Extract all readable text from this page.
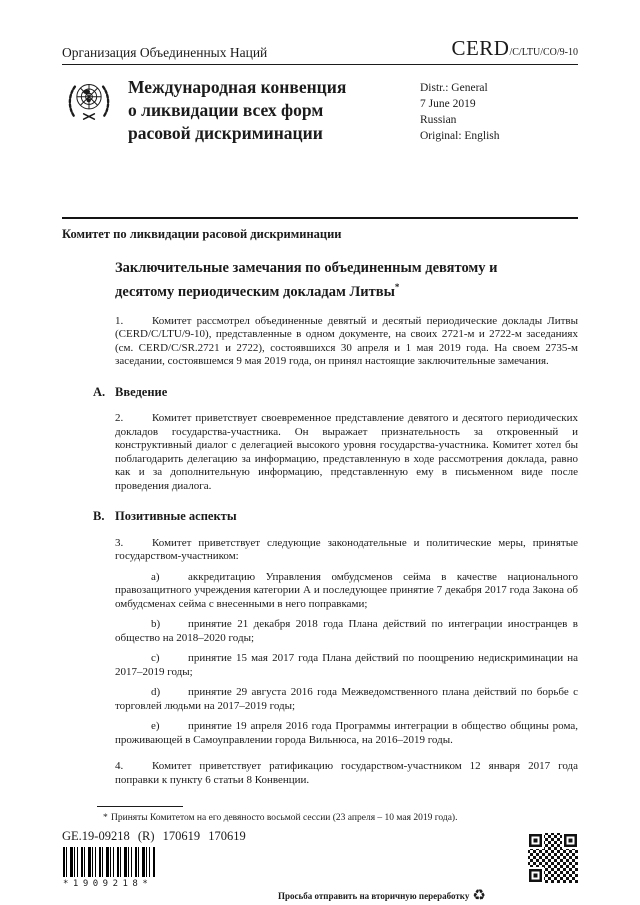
Организация Объединенных Наций	CERD/C/LTU/CO/9-10
Международная конвенция
о ликвидации всех форм
расовой дискриминации
Distr.: General
7 June 2019
Russian
Original: English
Комитет по ликвидации расовой дискриминации
Заключительные замечания по объединенным девятому и десятому периодическим докладам Литвы*

1.	Комитет рассмотрел объединенные девятый и десятый периодические доклады Литвы (CERD/C/LTU/9-10), представленные в одном документе, на своих 2721-м и 2722-м заседаниях (см. CERD/C/SR.2721 и 2722), состоявшихся 30 апреля и 1 мая 2019 года. На своем 2735-м заседании, состоявшемся 9 мая 2019 года, он принял настоящие заключительные замечания.

A. Введение

2.	Комитет приветствует своевременное представление девятого и десятого периодических докладов государства-участника. Он выражает признательность за откровенный и конструктивный диалог с делегацией высокого уровня государства-участника. Комитет хотел бы поблагодарить делегацию за информацию, представленную в ходе рассмотрения доклада, равно как и за дополнительную информацию, представленную ему в письменном виде после проведения диалога.

B. Позитивные аспекты

3.	Комитет приветствует следующие законодательные и политические меры, принятые государством-участником:

a)	аккредитацию Управления омбудсменов сейма в качестве национального правозащитного учреждения категории А и последующее принятие 7 декабря 2017 года Закона об омбудсменах сейма с внесенными в него поправками;

b)	принятие 21 декабря 2018 года Плана действий по интеграции иностранцев в общество на 2018–2020 годы;

c)	принятие 15 мая 2017 года Плана действий по поощрению недискриминации на 2017–2019 годы;

d)	принятие 29 августа 2016 года Межведомственного плана действий по борьбе с торговлей людьми на 2017–2019 годы;

e)	принятие 19 апреля 2016 года Программы интеграции в общество общины рома, проживающей в Самоуправлении города Вильнюса, на 2016–2019 годы.

4.	Комитет приветствует ратификацию государством-участником 12 января 2017 года поправки к пункту 6 статьи 8 Конвенции.

* Приняты Комитетом на его девяносто восьмой сессии (23 апреля – 10 мая 2019 года).
GE.19-09218 (R) 170619 170619
*1909218*
Просьба отправить на вторичную переработку ♻
